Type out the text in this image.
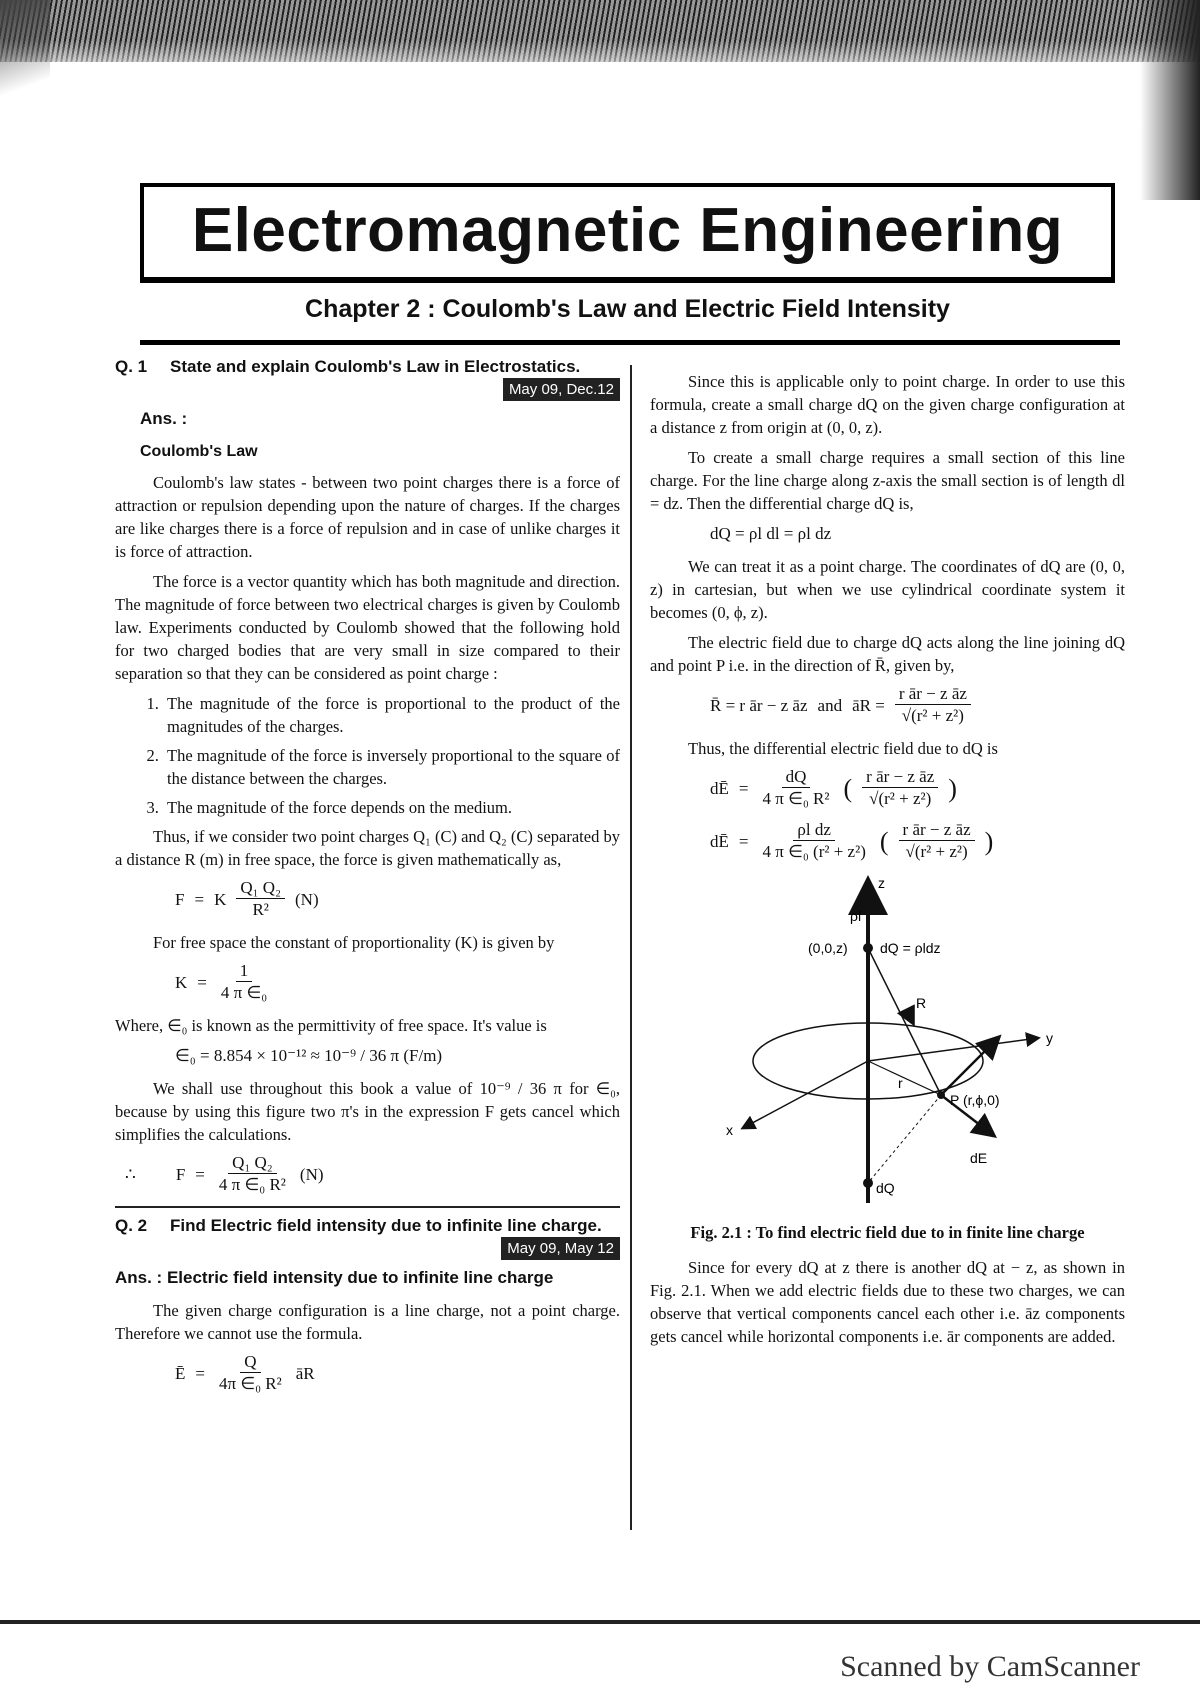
Electromagnetic Engineering
Chapter 2 : Coulomb's Law and Electric Field Intensity
Q. 1	State and explain Coulomb's Law in Electrostatics.
May 09, Dec.12
Ans. :
Coulomb's Law

Coulomb's law states - between two point charges there is a force of attraction or repulsion depending upon the nature of charges. If the charges are like charges there is a force of repulsion and in case of unlike charges it is force of attraction.

The force is a vector quantity which has both magnitude and direction. The magnitude of force between two electrical charges is given by Coulomb law. Experiments conducted by Coulomb showed that the following hold for two charged bodies that are very small in size compared to their separation so that they can be considered as point charge :

1. The magnitude of the force is proportional to the product of the magnitudes of the charges.
2. The magnitude of the force is inversely proportional to the square of the distance between the charges.
3. The magnitude of the force depends on the medium.

Thus, if we consider two point charges Q₁ (C) and Q₂ (C) separated by a distance R (m) in free space, the force is given mathematically as,

F = K $\frac{\text{Q₁ Q₂}}{\text{R²}} (N)$

For free space the constant of proportionality (K) is given by

$K = \frac{1}{\text{4 π ∈₀}}$

Where, ∈₀ is known as the permittivity of free space. It's value is

∈₀ = 8.854 × 10⁻¹² ≈ 10⁻⁹ / 36 π (F/m)

We shall use throughout this book a value of 10⁻⁹ / 36 π for ∈₀, because by using this figure two π's in the expression F gets cancel which simplifies the calculations.

∴ $F = \frac{\text{Q₁ Q₂}}{\text{4 π ∈₀ R²}} (N)$
Q. 2	Find Electric field intensity due to infinite line charge.
May 09, May 12
Ans. : Electric field intensity due to infinite line charge

The given charge configuration is a line charge, not a point charge. Therefore we cannot use the formula.

Ē = $\frac{Q}{\text{4π ∈₀ R²}}$ āR

Since this is applicable only to point charge. In order to use this formula, create a small charge dQ on the given charge configuration at a distance z from origin at (0, 0, z).

To create a small charge requires a small section of this line charge. For the line charge along z-axis the small section is of length dl = dz. Then the differential charge dQ is,

dQ = ρl dl = ρl dz

We can treat it as a point charge. The coordinates of dQ are (0, 0, z) in cartesian, but when we use cylindrical coordinate system it becomes (0, ϕ, z).

The electric field due to charge dQ acts along the line joining dQ and point P i.e. in the direction of R̄, given by,

R̄ = r ār − z āz and āR = $\frac{\text{r ār − z āz}}{\text{√(r² + z²)}}$

Thus, the differential electric field due to dQ is

dĒ = $\frac{dQ}{\text{4 π ∈₀ R²}}$ ( $\frac{\text{r ār − z āz}}{\text{√(r² + z²)}}$ )
dĒ = $\frac{\text{ρl dz}}{\text{4 π ∈₀ (r² + z²)}}$ ( $\frac{\text{r ār − z āz}}{\text{√(r² + z²)}}$ )
z
y
x
ρl
(0,0,z) dQ = ρldz
R
r
P (r,ϕ,0)
dE
dQ
Fig. 2.1 : To find electric field due to in finite line charge

Since for every dQ at z there is another dQ at − z, as shown in Fig. 2.1. When we add electric fields due to these two charges, we can observe that vertical components cancel each other i.e. āz components gets cancel while horizontal components i.e. ār components are added.

Scanned by CamScanner
